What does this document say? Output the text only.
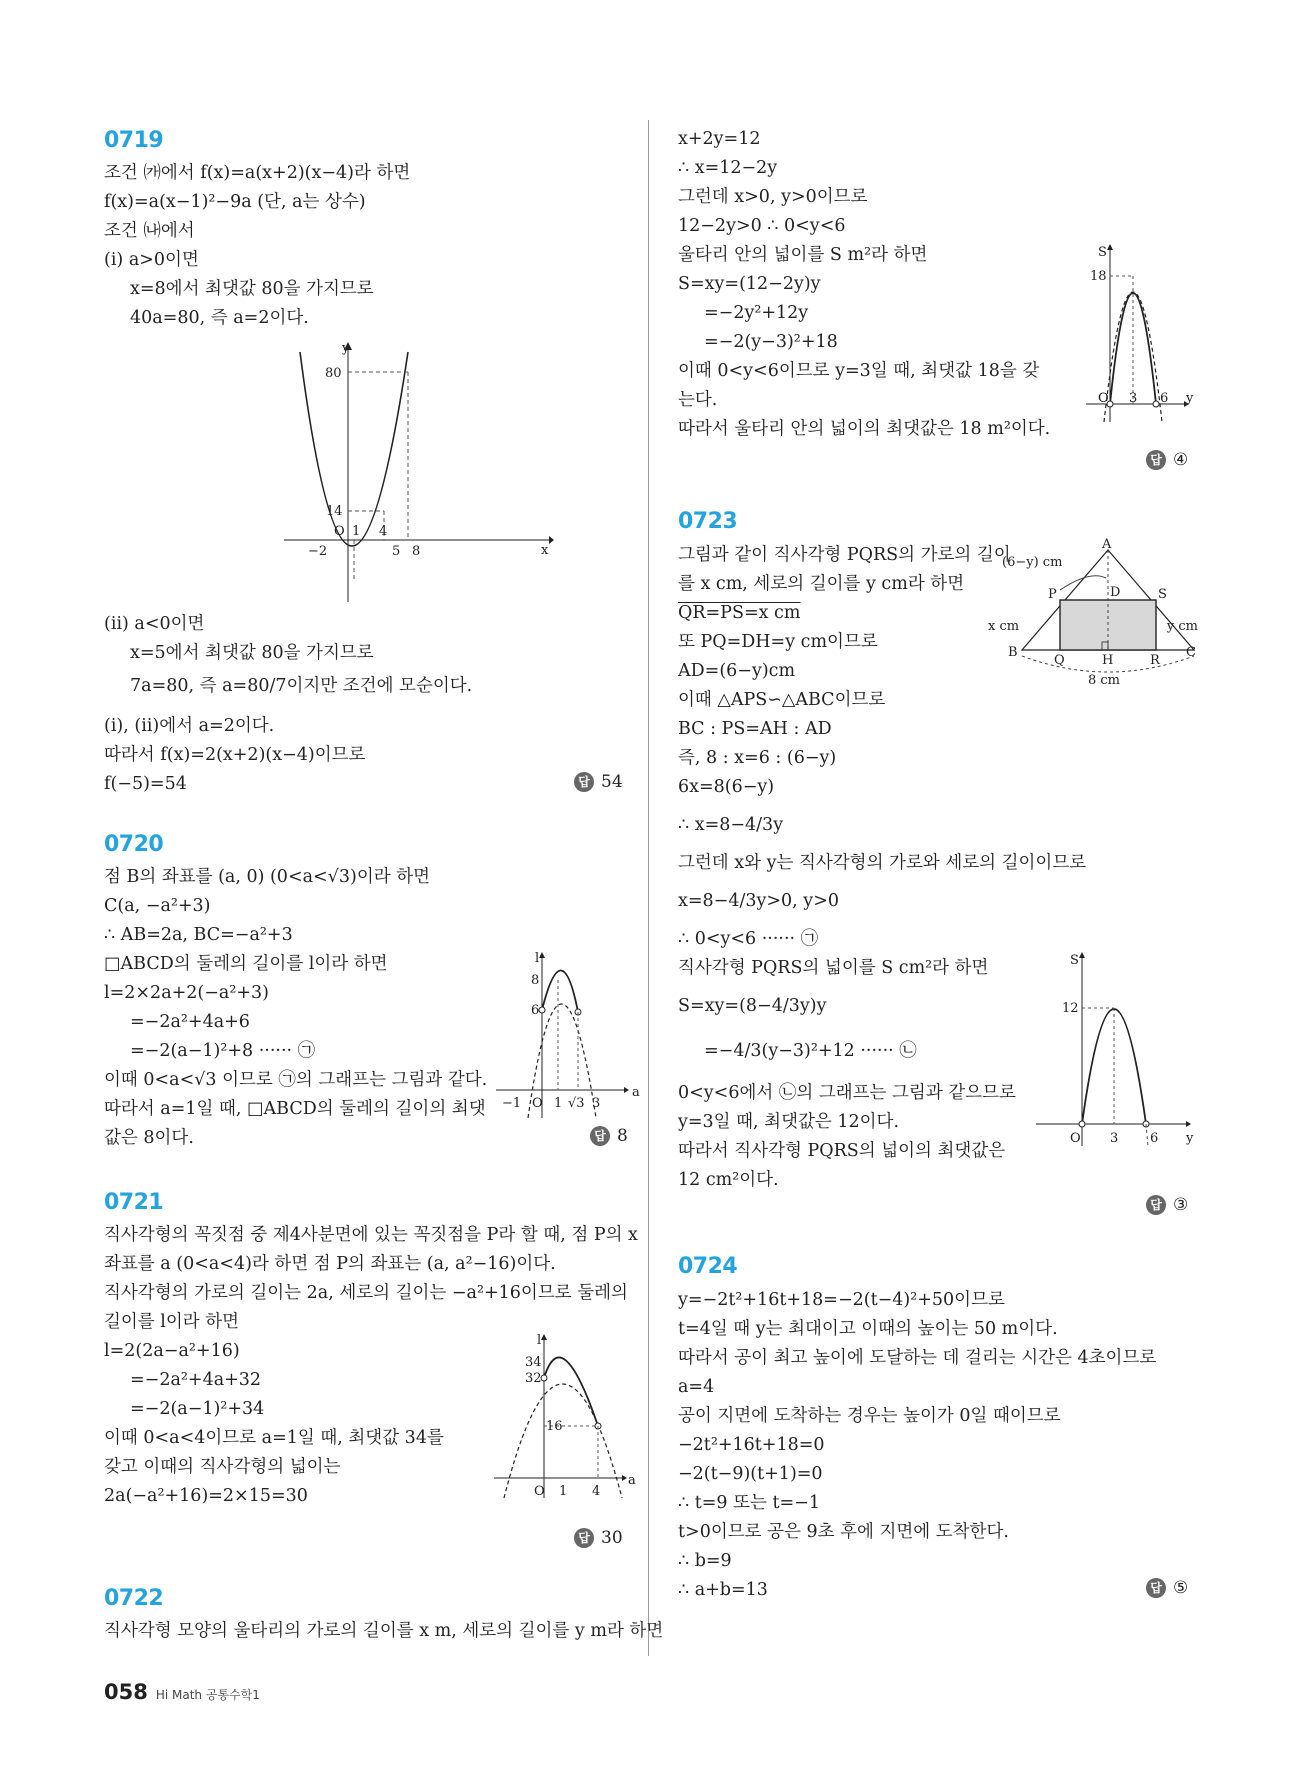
0719
조건 ㈎에서 f(x)=a(x+2)(x−4)라 하면
f(x)=a(x−1)²−9a (단, a는 상수)
조건 ㈏에서
(ⅰ) a>0이면
x=8에서 최댓값 80을 가지므로
40a=80, 즉 a=2이다.
y
x
80
14
O 1 4
−2	5 8
(ⅱ) a<0이면
x=5에서 최댓값 80을 가지므로
7a=80, 즉 a=80/7이지만 조건에 모순이다.
(ⅰ), (ⅱ)에서 a=2이다.
따라서 f(x)=2(x+2)(x−4)이므로
f(−5)=54	답 54
0720
점 B의 좌표를 (a, 0) (0<a<√3)이라 하면
C(a, −a²+3)
∴ AB=2a, BC=−a²+3
□ABCD의 둘레의 길이를 l이라 하면
l=2×2a+2(−a²+3)
=−2a²+4a+6
=−2(a−1)²+8 ······ ㉠
이때 0<a<√3 이므로 ㉠의 그래프는 그림과 같다.
따라서 a=1일 때, □ABCD의 둘레의 길이의 최댓
값은 8이다.
l
a
8
6
−1 O 1 √3 3
답 8
0721
직사각형의 꼭짓점 중 제4사분면에 있는 꼭짓점을 P라 할 때, 점 P의 x
좌표를 a (0<a<4)라 하면 점 P의 좌표는 (a, a²−16)이다.
직사각형의 가로의 길이는 2a, 세로의 길이는 −a²+16이므로 둘레의
길이를 l이라 하면
l=2(2a−a²+16)
=−2a²+4a+32
=−2(a−1)²+34
이때 0<a<4이므로 a=1일 때, 최댓값 34를
갖고 이때의 직사각형의 넓이는
2a(−a²+16)=2×15=30
l
a
34
32
16
O 1 4
답 30
0722
직사각형 모양의 울타리의 가로의 길이를 x m, 세로의 길이를 y m라 하면
x+2y=12
∴ x=12−2y
그런데 x>0, y>0이므로
12−2y>0 ∴ 0<y<6
울타리 안의 넓이를 S m²라 하면
S=xy=(12−2y)y
=−2y²+12y
=−2(y−3)²+18
이때 0<y<6이므로 y=3일 때, 최댓값 18을 갖
는다.
따라서 울타리 안의 넓이의 최댓값은 18 m²이다.
S
y
18
O 3 6
답 ④
0723
그림과 같이 직사각형 PQRS의 가로의 길이
를 x cm, 세로의 길이를 y cm라 하면
QR=PS=x cm
또 PQ=DH=y cm이므로
AD=(6−y)cm
이때 △APS∽△ABC이므로
BC : PS=AH : AD
즉, 8 : x=6 : (6−y)
6x=8(6−y)
∴ x=8−4/3y
그런데 x와 y는 직사각형의 가로와 세로의 길이이므로
x=8−4/3y>0, y>0
∴ 0<y<6 ······ ㉠
직사각형 PQRS의 넓이를 S cm²라 하면
S=xy=(8−4/3y)y
=−4/3(y−3)²+12 ······ ㉡
0<y<6에서 ㉡의 그래프는 그림과 같으므로
y=3일 때, 최댓값은 12이다.
따라서 직사각형 PQRS의 넓이의 최댓값은
12 cm²이다.
A
B	C
P	D	S
Q	H	R
(6−y) cm
x cm	y cm
8 cm
S
y
12
O 3 6
답 ③
0724
y=−2t²+16t+18=−2(t−4)²+50이므로
t=4일 때 y는 최대이고 이때의 높이는 50 m이다.
따라서 공이 최고 높이에 도달하는 데 걸리는 시간은 4초이므로
a=4
공이 지면에 도착하는 경우는 높이가 0일 때이므로
−2t²+16t+18=0
−2(t−9)(t+1)=0
∴ t=9 또는 t=−1
t>0이므로 공은 9초 후에 지면에 도착한다.
∴ b=9
∴ a+b=13	답 ⑤
058 Hi Math 공통수학1
